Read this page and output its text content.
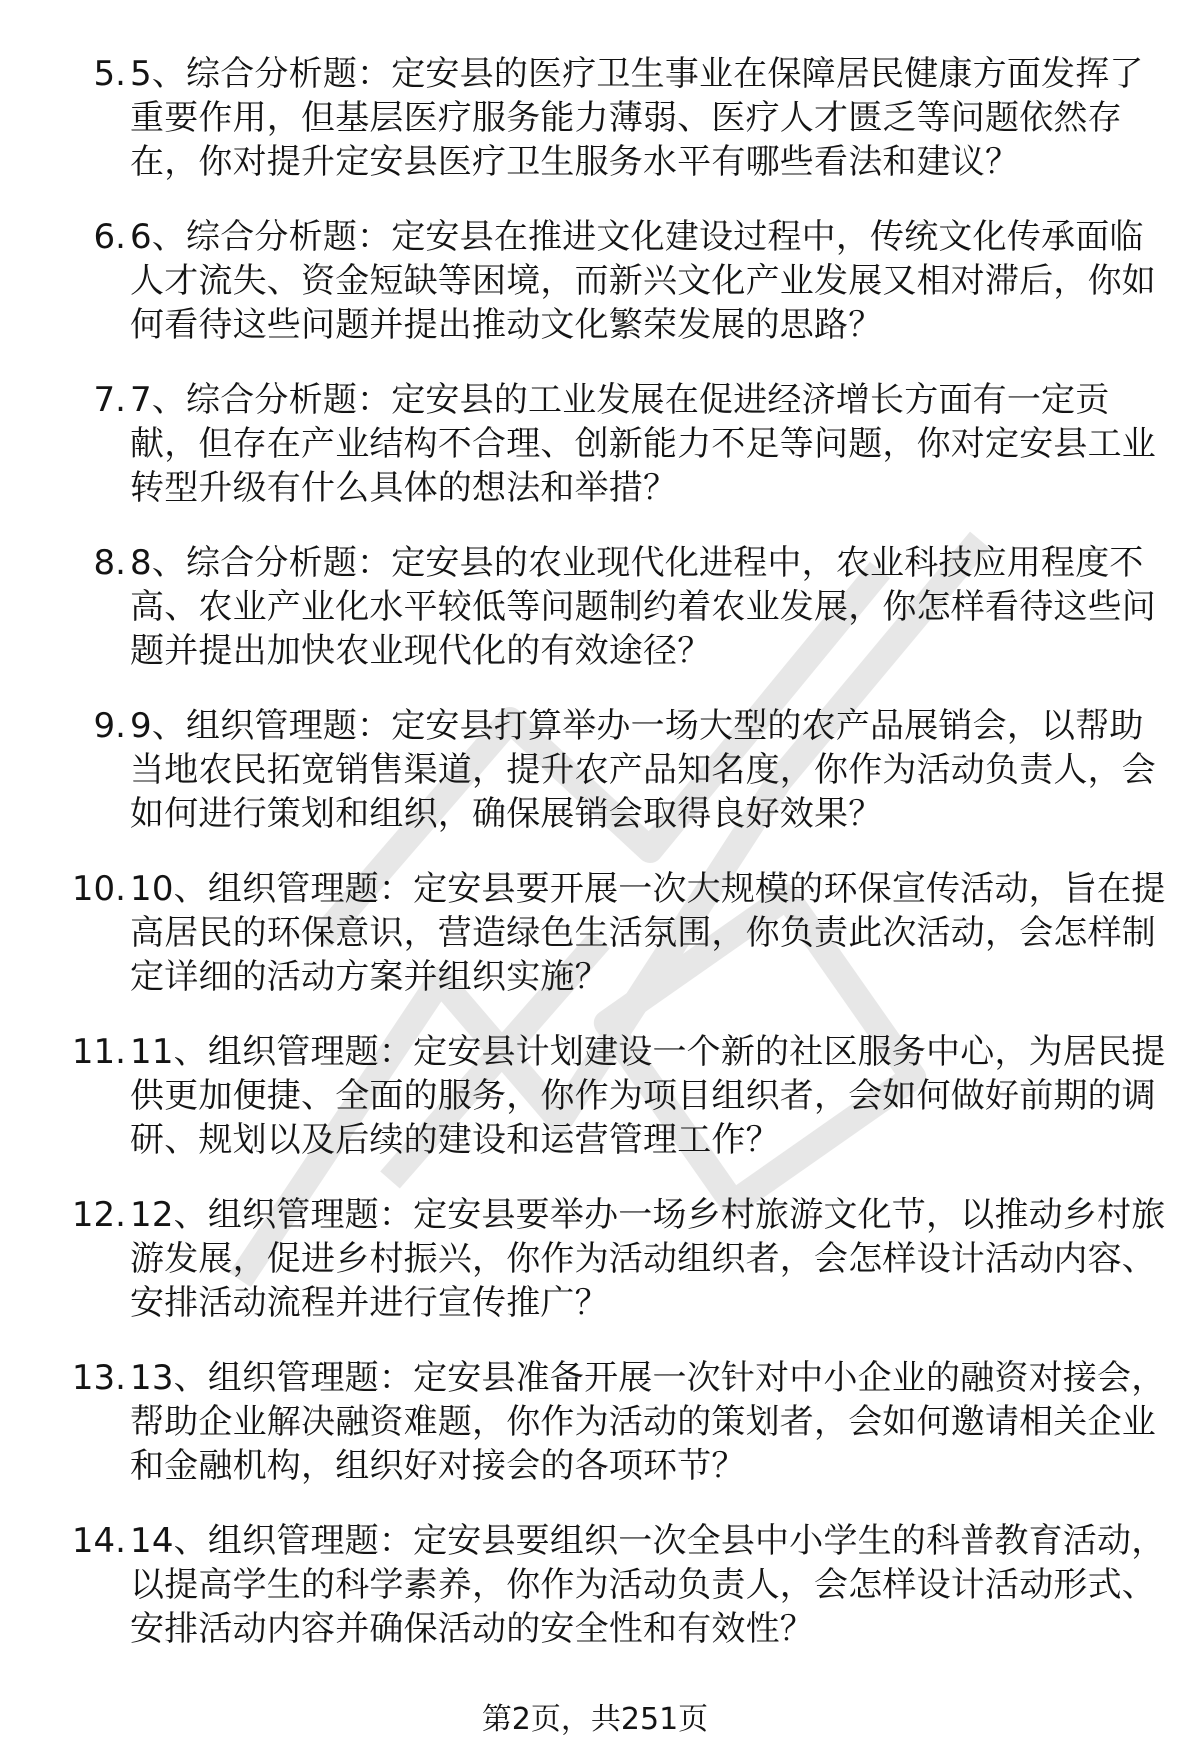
5. 5、综合分析题：定安县的医疗卫生事业在保障居民健康方面发挥了重要作用，但基层医疗服务能力薄弱、医疗人才匮乏等问题依然存在，你对提升定安县医疗卫生服务水平有哪些看法和建议？

6. 6、综合分析题：定安县在推进文化建设过程中，传统文化传承面临人才流失、资金短缺等困境，而新兴文化产业发展又相对滞后，你如何看待这些问题并提出推动文化繁荣发展的思路？

7. 7、综合分析题：定安县的工业发展在促进经济增长方面有一定贡献，但存在产业结构不合理、创新能力不足等问题，你对定安县工业转型升级有什么具体的想法和举措？

8. 8、综合分析题：定安县的农业现代化进程中，农业科技应用程度不高、农业产业化水平较低等问题制约着农业发展，你怎样看待这些问题并提出加快农业现代化的有效途径？

9. 9、组织管理题：定安县打算举办一场大型的农产品展销会，以帮助当地农民拓宽销售渠道，提升农产品知名度，你作为活动负责人，会如何进行策划和组织，确保展销会取得良好效果？

10. 10、组织管理题：定安县要开展一次大规模的环保宣传活动，旨在提高居民的环保意识，营造绿色生活氛围，你负责此次活动，会怎样制定详细的活动方案并组织实施？

11. 11、组织管理题：定安县计划建设一个新的社区服务中心，为居民提供更加便捷、全面的服务，你作为项目组织者，会如何做好前期的调研、规划以及后续的建设和运营管理工作？

12. 12、组织管理题：定安县要举办一场乡村旅游文化节，以推动乡村旅游发展，促进乡村振兴，你作为活动组织者，会怎样设计活动内容、安排活动流程并进行宣传推广？

13. 13、组织管理题：定安县准备开展一次针对中小企业的融资对接会，帮助企业解决融资难题，你作为活动的策划者，会如何邀请相关企业和金融机构，组织好对接会的各项环节？

14. 14、组织管理题：定安县要组织一次全县中小学生的科普教育活动，以提高学生的科学素养，你作为活动负责人，会怎样设计活动形式、安排活动内容并确保活动的安全性和有效性？

第2页，共251页
